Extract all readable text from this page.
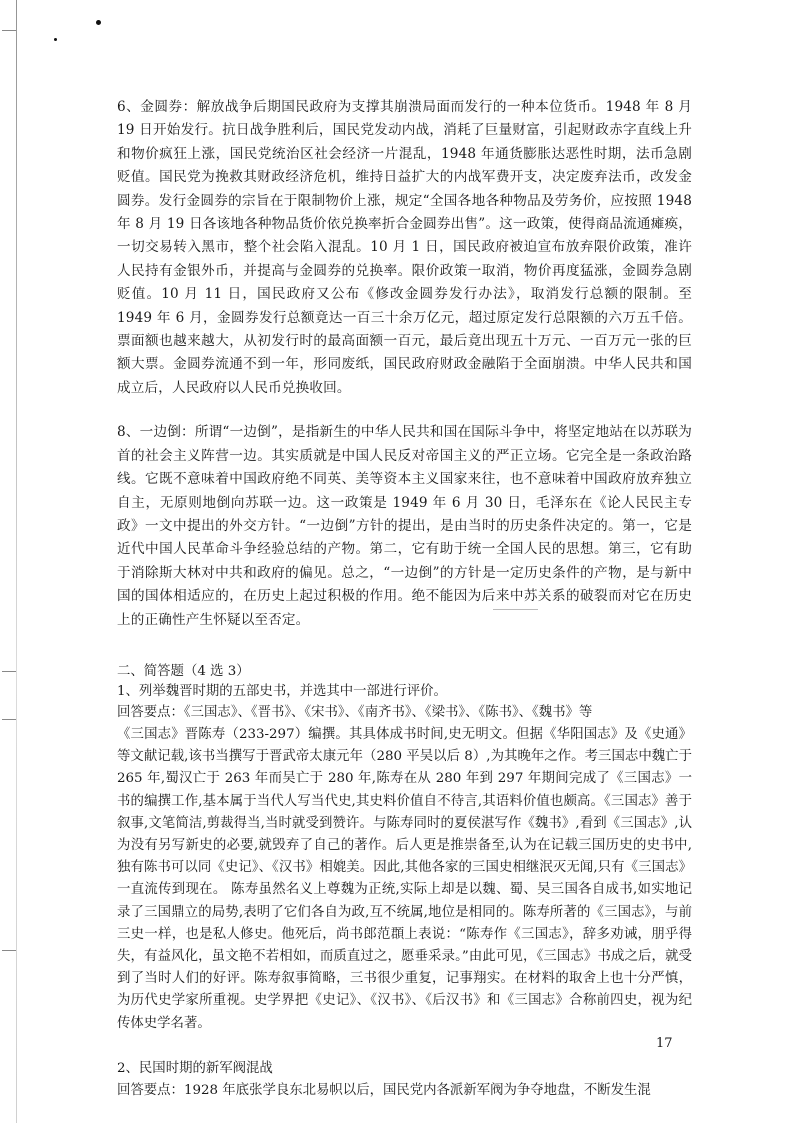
6、金圆券：解放战争后期国民政府为支撑其崩溃局面而发行的一种本位货币。1948 年 8 月 19 日开始发行。抗日战争胜利后，国民党发动内战，消耗了巨量财富，引起财政赤字直线上升和物价疯狂上涨，国民党统治区社会经济一片混乱，1948 年通货膨胀达恶性时期，法币急剧贬值。国民党为挽救其财政经济危机，维持日益扩大的内战军费开支，决定废弃法币，改发金圆券。发行金圆券的宗旨在于限制物价上涨，规定“全国各地各种物品及劳务价，应按照 1948 年 8 月 19 日各该地各种物品货价依兑换率折合金圆券出售”。这一政策，使得商品流通瘫痪，一切交易转入黑市，整个社会陷入混乱。10 月 1 日，国民政府被迫宣布放弃限价政策，准许人民持有金银外币，并提高与金圆券的兑换率。限价政策一取消，物价再度猛涨，金圆券急剧贬值。10 月 11 日，国民政府又公布《修改金圆券发行办法》，取消发行总额的限制。至 1949 年 6 月，金圆券发行总额竟达一百三十余万亿元，超过原定发行总限额的六万五千倍。票面额也越来越大，从初发行时的最高面额一百元，最后竟出现五十万元、一百万元一张的巨额大票。金圆券流通不到一年，形同废纸，国民政府财政金融陷于全面崩溃。中华人民共和国成立后，人民政府以人民币兑换收回。

8、一边倒：所谓“一边倒”，是指新生的中华人民共和国在国际斗争中，将坚定地站在以苏联为首的社会主义阵营一边。其实质就是中国人民反对帝国主义的严正立场。它完全是一条政治路线。它既不意味着中国政府绝不同英、美等资本主义国家来往，也不意味着中国政府放弃独立自主，无原则地倒向苏联一边。这一政策是 1949 年 6 月 30 日，毛泽东在《论人民民主专政》一文中提出的外交方针。“一边倒”方针的提出，是由当时的历史条件决定的。第一，它是近代中国人民革命斗争经验总结的产物。第二，它有助于统一全国人民的思想。第三，它有助于消除斯大林对中共和政府的偏见。总之，“一边倒”的方针是一定历史条件的产物，是与新中国的国体相适应的，在历史上起过积极的作用。绝不能因为后来中苏关系的破裂而对它在历史上的正确性产生怀疑以至否定。

二、简答题（4 选 3）
1、列举魏晋时期的五部史书，并选其中一部进行评价。
回答要点：《三国志》、《晋书》、《宋书》、《南齐书》、《梁书》、《陈书》、《魏书》等

《三国志》晋陈寿（233-297）编撰。其具体成书时间,史无明文。但据《华阳国志》及《史通》等文献记载,该书当撰写于晋武帝太康元年（280 平吴以后 8）,为其晚年之作。考三国志中魏亡于 265 年,蜀汉亡于 263 年而吴亡于 280 年,陈寿在从 280 年到 297 年期间完成了《三国志》一书的编撰工作,基本属于当代人写当代史,其史料价值自不待言,其语料价值也颇高。《三国志》善于叙事,文笔简洁,剪裁得当,当时就受到赞许。与陈寿同时的夏侯湛写作《魏书》,看到《三国志》,认为没有另写新史的必要,就毁弃了自己的著作。后人更是推崇备至,认为在记载三国历史的史书中,独有陈书可以同《史记》、《汉书》相媲美。因此,其他各家的三国史相继泯灭无闻,只有《三国志》一直流传到现在。 陈寿虽然名义上尊魏为正统,实际上却是以魏、蜀、吴三国各自成书,如实地记录了三国鼎立的局势,表明了它们各自为政,互不统属,地位是相同的。陈寿所著的《三国志》，与前三史一样，也是私人修史。他死后，尚书郎范頵上表说：“陈寿作《三国志》，辞多劝诫，朋乎得失，有益风化，虽文艳不若相如，而质直过之，愿垂采录。”由此可见，《三国志》书成之后，就受到了当时人们的好评。陈寿叙事简略，三书很少重复，记事翔实。在材料的取舍上也十分严慎，为历代史学家所重视。史学界把《史记》、《汉书》、《后汉书》和《三国志》合称前四史，视为纪传体史学名著。

2、民国时期的新军阀混战
回答要点：1928 年底张学良东北易帜以后，国民党内各派新军阀为争夺地盘，不断发生混
17
